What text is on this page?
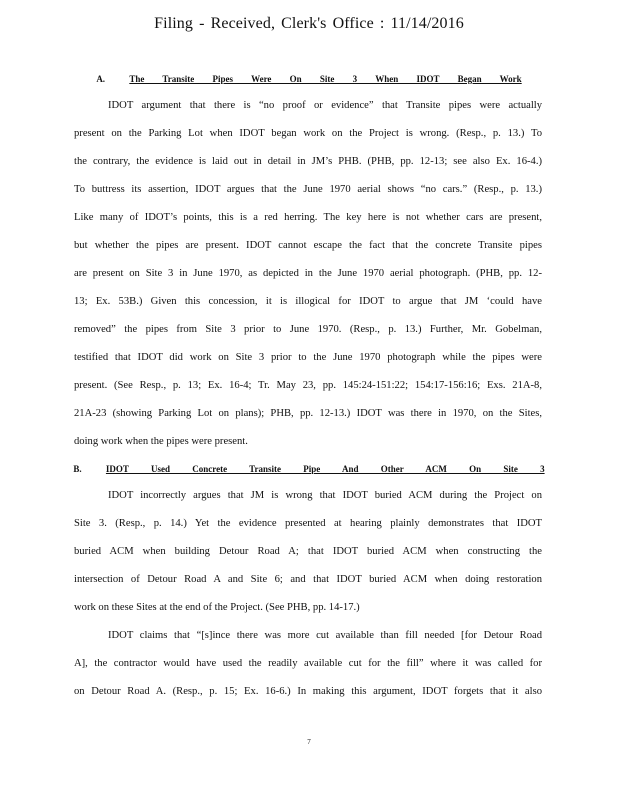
Filing - Received, Clerk's Office : 11/14/2016
A.	The Transite Pipes Were On Site 3 When IDOT Began Work
IDOT argument that there is “no proof or evidence” that Transite pipes were actually
present on the Parking Lot when IDOT began work on the Project is wrong. (Resp., p. 13.) To
the contrary, the evidence is laid out in detail in JM’s PHB. (PHB, pp. 12-13; see also Ex. 16-4.)
To buttress its assertion, IDOT argues that the June 1970 aerial shows “no cars.” (Resp., p. 13.)
Like many of IDOT’s points, this is a red herring. The key here is not whether cars are present,
but whether the pipes are present. IDOT cannot escape the fact that the concrete Transite pipes
are present on Site 3 in June 1970, as depicted in the June 1970 aerial photograph. (PHB, pp. 12-
13; Ex. 53B.) Given this concession, it is illogical for IDOT to argue that JM ‘could have
removed” the pipes from Site 3 prior to June 1970. (Resp., p. 13.) Further, Mr. Gobelman,
testified that IDOT did work on Site 3 prior to the June 1970 photograph while the pipes were
present. (See Resp., p. 13; Ex. 16-4; Tr. May 23, pp. 145:24-151:22; 154:17-156:16; Exs. 21A-8,
21A-23 (showing Parking Lot on plans); PHB, pp. 12-13.) IDOT was there in 1970, on the Sites,
doing work when the pipes were present.
B.	IDOT Used Concrete Transite Pipe And Other ACM On Site 3
IDOT incorrectly argues that JM is wrong that IDOT buried ACM during the Project on
Site 3. (Resp., p. 14.) Yet the evidence presented at hearing plainly demonstrates that IDOT
buried ACM when building Detour Road A; that IDOT buried ACM when constructing the
intersection of Detour Road A and Site 6; and that IDOT buried ACM when doing restoration
work on these Sites at the end of the Project. (See PHB, pp. 14-17.)
IDOT claims that “[s]ince there was more cut available than fill needed [for Detour Road
A], the contractor would have used the readily available cut for the fill” where it was called for
on Detour Road A. (Resp., p. 15; Ex. 16-6.) In making this argument, IDOT forgets that it also
7
